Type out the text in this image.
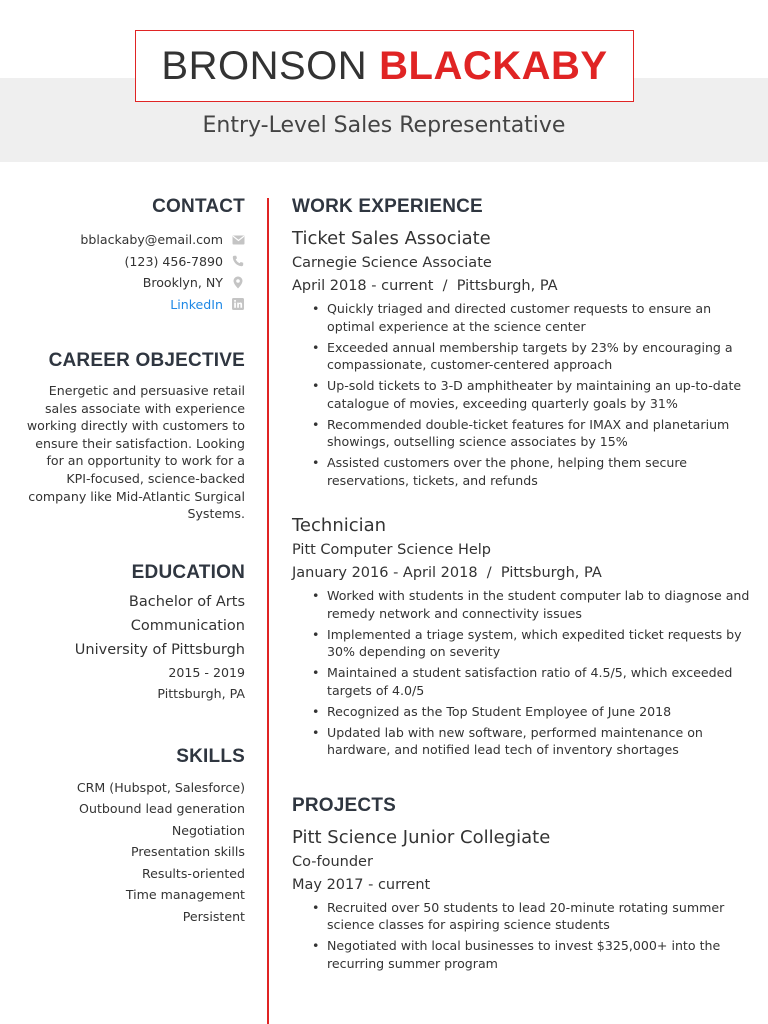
BRONSON BLACKABY
Entry-Level Sales Representative
CONTACT
bblackaby@email.com
(123) 456-7890
Brooklyn, NY
LinkedIn
CAREER OBJECTIVE
Energetic and persuasive retail sales associate with experience working directly with customers to ensure their satisfaction. Looking for an opportunity to work for a KPI-focused, science-backed company like Mid-Atlantic Surgical Systems.
EDUCATION
Bachelor of Arts
Communication
University of Pittsburgh
2015 - 2019
Pittsburgh, PA
SKILLS
CRM (Hubspot, Salesforce)
Outbound lead generation
Negotiation
Presentation skills
Results-oriented
Time management
Persistent
WORK EXPERIENCE
Ticket Sales Associate
Carnegie Science Associate
April 2018 - current  /  Pittsburgh, PA
• Quickly triaged and directed customer requests to ensure an optimal experience at the science center
• Exceeded annual membership targets by 23% by encouraging a compassionate, customer-centered approach
• Up-sold tickets to 3-D amphitheater by maintaining an up-to-date catalogue of movies, exceeding quarterly goals by 31%
• Recommended double-ticket features for IMAX and planetarium showings, outselling science associates by 15%
• Assisted customers over the phone, helping them secure reservations, tickets, and refunds
Technician
Pitt Computer Science Help
January 2016 - April 2018  /  Pittsburgh, PA
• Worked with students in the student computer lab to diagnose and remedy network and connectivity issues
• Implemented a triage system, which expedited ticket requests by 30% depending on severity
• Maintained a student satisfaction ratio of 4.5/5, which exceeded targets of 4.0/5
• Recognized as the Top Student Employee of June 2018
• Updated lab with new software, performed maintenance on hardware, and notified lead tech of inventory shortages
PROJECTS
Pitt Science Junior Collegiate
Co-founder
May 2017 - current
• Recruited over 50 students to lead 20-minute rotating summer science classes for aspiring science students
• Negotiated with local businesses to invest $325,000+ into the recurring summer program
